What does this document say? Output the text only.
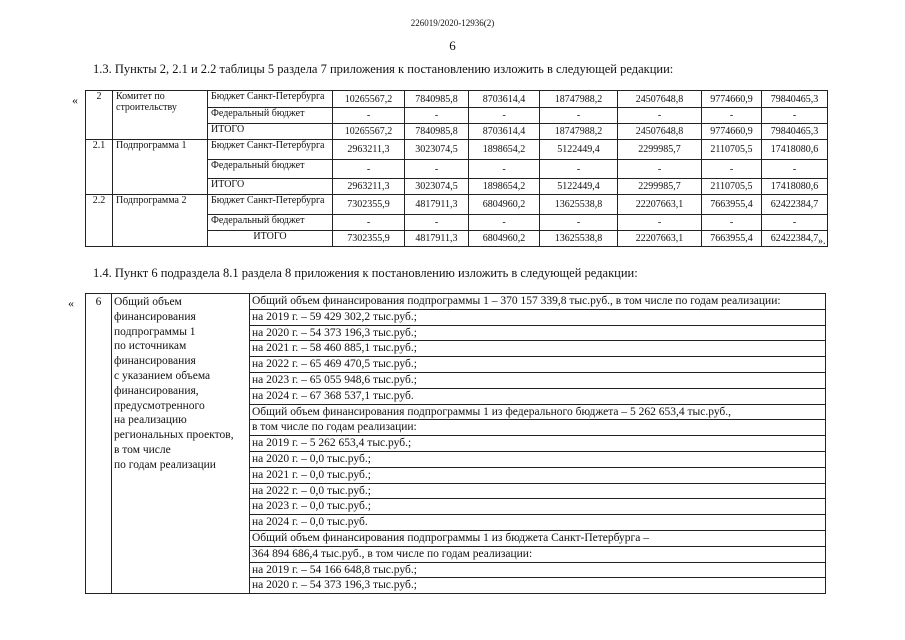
226019/2020-12936(2)
6
1.3. Пункты 2, 2.1 и 2.2 таблицы 5 раздела 7 приложения к постановлению изложить в следующей редакции:
«
».
2	Комитет по строительству	Бюджет Санкт-Петербурга	10265567,2	7840985,8	8703614,4	18747988,2	24507648,8	9774660,9	79840465,3
		Федеральный бюджет	-	-	-	-	-	-	-
		ИТОГО	10265567,2	7840985,8	8703614,4	18747988,2	24507648,8	9774660,9	79840465,3
2.1	Подпрограмма 1	Бюджет Санкт-Петербурга	2963211,3	3023074,5	1898654,2	5122449,4	2299985,7	2110705,5	17418080,6
		Федеральный бюджет	-	-	-	-	-	-	-
		ИТОГО	2963211,3	3023074,5	1898654,2	5122449,4	2299985,7	2110705,5	17418080,6
2.2	Подпрограмма 2	Бюджет Санкт-Петербурга	7302355,9	4817911,3	6804960,2	13625538,8	22207663,1	7663955,4	62422384,7
		Федеральный бюджет	-	-	-	-	-	-	-
		ИТОГО	7302355,9	4817911,3	6804960,2	13625538,8	22207663,1	7663955,4	62422384,7
1.4. Пункт 6 подраздела 8.1 раздела 8 приложения к постановлению изложить в следующей редакции:
« 6	Общий объем
финансирования
подпрограммы 1
по источникам
финансирования
с указанием объема
финансирования,
предусмотренного
на реализацию
региональных проектов,
в том числе
по годам реализации

Общий объем финансирования подпрограммы 1 – 370 157 339,8 тыс.руб., в том числе по годам реализации:
на 2019 г. – 59 429 302,2 тыс.руб.;
на 2020 г. – 54 373 196,3 тыс.руб.;
на 2021 г. – 58 460 885,1 тыс.руб.;
на 2022 г. – 65 469 470,5 тыс.руб.;
на 2023 г. – 65 055 948,6 тыс.руб.;
на 2024 г. – 67 368 537,1 тыс.руб.
Общий объем финансирования подпрограммы 1 из федерального бюджета – 5 262 653,4 тыс.руб.,
в том числе по годам реализации:
на 2019 г. – 5 262 653,4 тыс.руб.;
на 2020 г. – 0,0 тыс.руб.;
на 2021 г. – 0,0 тыс.руб.;
на 2022 г. – 0,0 тыс.руб.;
на 2023 г. – 0,0 тыс.руб.;
на 2024 г. – 0,0 тыс.руб.
Общий объем финансирования подпрограммы 1 из бюджета Санкт-Петербурга –
364 894 686,4 тыс.руб., в том числе по годам реализации:
на 2019 г. – 54 166 648,8 тыс.руб.;
на 2020 г. – 54 373 196,3 тыс.руб.;
